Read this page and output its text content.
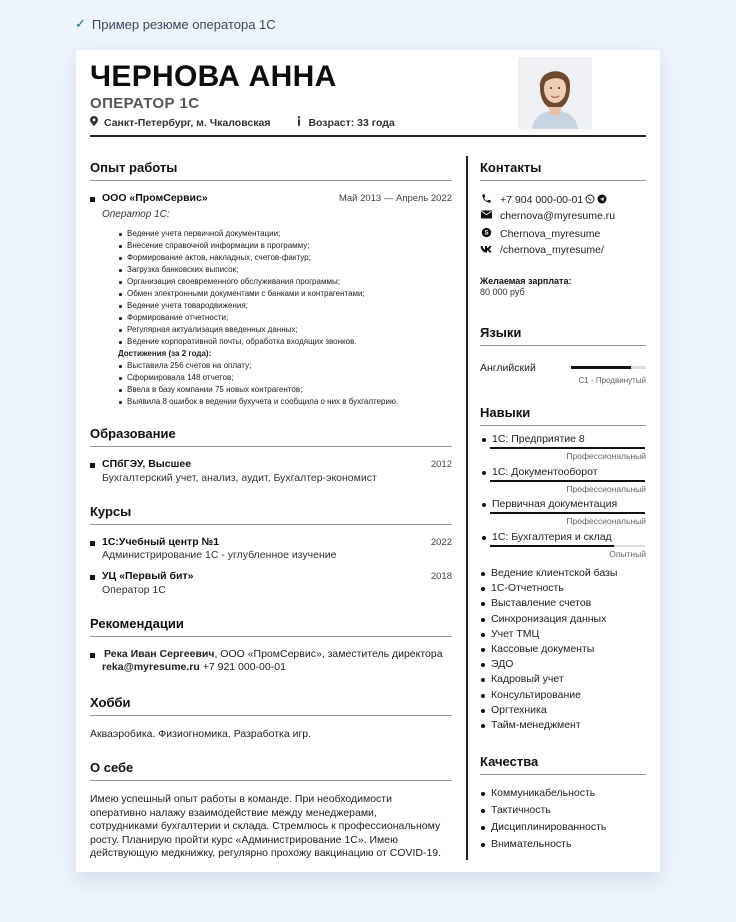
✓ Пример резюме оператора 1С
ЧЕРНОВА АННА
ОПЕРАТОР 1С
Санкт-Петербург, м. Чкаловская	Возраст: 33 года
Опыт работы
ООО «ПромСервис»	Май 2013 — Апрель 2022
Оператор 1С:
Ведение учета первичной документации;
Внесение справочной информации в программу;
Формирование актов, накладных, счетов-фактур;
Загрузка банковских выписок;
Организация своевременного обслуживания программы;
Обмен электронными документами с банками и контрагентами;
Ведение учета товародвижения;
Формирование отчетности;
Регулярная актуализация введенных данных;
Ведение корпоративной почты, обработка входящих звонков.
Достижения (за 2 года):
Выставила 256 счетов на оплату;
Сформировала 148 отчетов;
Ввела в базу компании 75 новых контрагентов;
Выявила 8 ошибок в ведении бухучета и сообщила о них в бухгалтерию.
Образование
СПбГЭУ, Высшее	2012
Бухгалтерский учет, анализ, аудит, Бухгалтер-экономист
Курсы
1С:Учебный центр №1	2022
Администрирование 1С - углубленное изучение
УЦ «Первый бит»	2018
Оператор 1С
Рекомендации
Река Иван Сергеевич, ООО «ПромСервис», заместитель директора
reka@myresume.ru +7 921 000-00-01
Хобби
Акваэробика. Физиогномика. Разработка игр.
О себе
Имею успешный опыт работы в команде. При необходимости
оперативно налажу взаимодействие между менеджерами,
сотрудниками бухгалтерии и склада. Стремлюсь к профессиональному
росту. Планирую пройти курс «Администрирование 1С». Имею
действующую медкнижку, регулярно прохожу вакцинацию от COVID-19.
Контакты
+7 904 000-00-01
chernova@myresume.ru
S Chernova_myresume
/chernova_myresume/
Желаемая зарплата:
80 000 руб
Языки
Английский
C1 - Продвинутый
Навыки
1С: Предприятие 8
Профессиональный
1С: Документооборот
Профессиональный
Первичная документация
Профессиональный
1С: Бухгалтерия и склад
Опытный
Ведение клиентской базы
1С-Отчетность
Выставление счетов
Синхронизация данных
Учет ТМЦ
Кассовые документы
ЭДО
Кадровый учет
Консультирование
Оргтехника
Тайм-менеджмент
Качества
Коммуникабельность
Тактичность
Дисциплинированность
Внимательность
